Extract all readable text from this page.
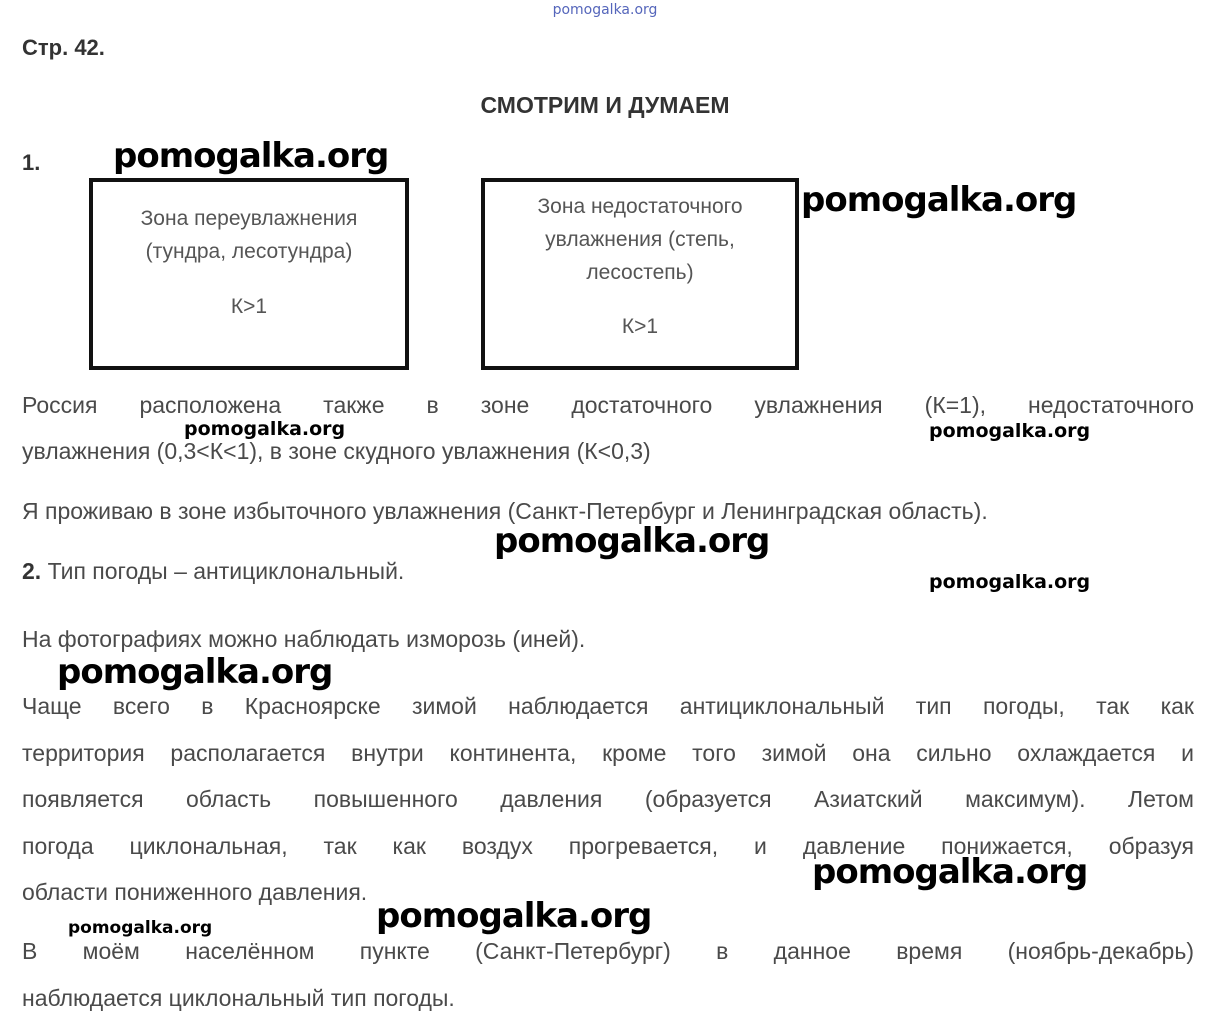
pomogalka.org
Стр. 42.
СМОТРИМ И ДУМАЕМ
1.
Зона переувлажнения
(тундра, лесотундра)
К>1
Зона недостаточного
увлажнения (степь,
лесостепь)
К>1
Россия расположена также в зоне достаточного увлажнения (К=1), недостаточного
увлажнения (0,3<К<1), в зоне скудного увлажнения (К<0,3)
Я проживаю в зоне избыточного увлажнения (Санкт-Петербург и Ленинградская область).
2. Тип погоды – антициклональный.
На фотографиях можно наблюдать изморозь (иней).
Чаще всего в Красноярске зимой наблюдается антициклональный тип погоды, так как
территория располагается внутри континента, кроме того зимой она сильно охлаждается и
появляется область повышенного давления (образуется Азиатский максимум). Летом
погода циклональная, так как воздух прогревается, и давление понижается, образуя
области пониженного давления.
В моём населённом пункте (Санкт-Петербург) в данное время (ноябрь-декабрь)
наблюдается циклональный тип погоды.
pomogalka.org
pomogalka.org
pomogalka.org	pomogalka.org
pomogalka.org
pomogalka.org
pomogalka.org
pomogalka.org
pomogalka.org	pomogalka.org
